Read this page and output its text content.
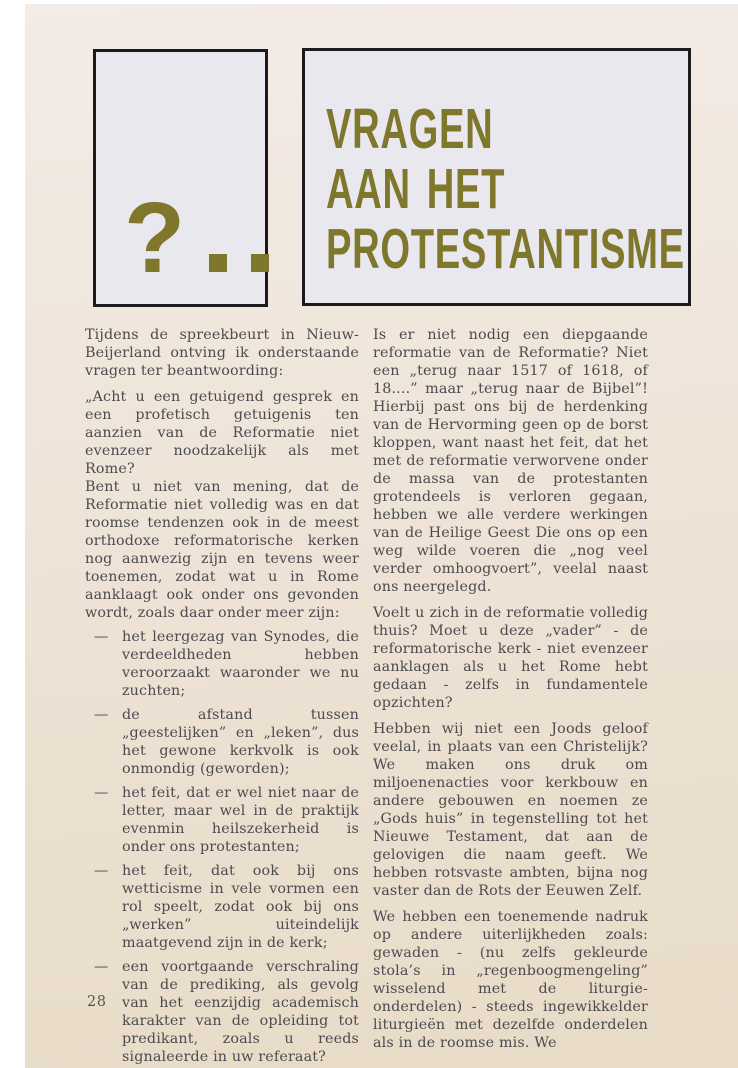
?
VRAGEN
AAN HET
PROTESTANTISME
Tijdens de spreekbeurt in Nieuw-Beijerland ontving ik onderstaande vragen ter beantwoording:
„Acht u een getuigend gesprek en een profetisch getuigenis ten aanzien van de Reformatie niet evenzeer noodzakelijk als met Rome?
Bent u niet van mening, dat de Reformatie niet volledig was en dat roomse tendenzen ook in de meest orthodoxe reformatorische kerken nog aanwezig zijn en tevens weer toenemen, zodat wat u in Rome aanklaagt ook onder ons gevonden wordt, zoals daar onder meer zijn:
— het leergezag van Synodes, die verdeeldheden hebben veroorzaakt waaronder we nu zuchten;
— de afstand tussen „geestelijken” en „leken”, dus het gewone kerkvolk is ook onmondig (geworden);
— het feit, dat er wel niet naar de letter, maar wel in de praktijk evenmin heilszekerheid is onder ons protestanten;
— het feit, dat ook bij ons wetticisme in vele vormen een rol speelt, zodat ook bij ons „werken” uiteindelijk maatgevend zijn in de kerk;
— een voortgaande verschraling van de prediking, als gevolg van het eenzijdig academisch karakter van de opleiding tot predikant, zoals u reeds signaleerde in uw referaat?
Is er niet nodig een diepgaande reformatie van de Reformatie? Niet een „terug naar 1517 of 1618, of 18....” maar „terug naar de Bijbel”! Hierbij past ons bij de herdenking van de Hervorming geen op de borst kloppen, want naast het feit, dat het met de reformatie verworvene onder de massa van de protestanten grotendeels is verloren gegaan, hebben we alle verdere werkingen van de Heilige Geest Die ons op een weg wilde voeren die „nog veel verder omhoogvoert”, veelal naast ons neergelegd.
Voelt u zich in de reformatie volledig thuis? Moet u deze „vader” - de reformatorische kerk - niet evenzeer aanklagen als u het Rome hebt gedaan - zelfs in fundamentele opzichten?
Hebben wij niet een Joods geloof veelal, in plaats van een Christelijk? We maken ons druk om miljoenenacties voor kerkbouw en andere gebouwen en noemen ze „Gods huis” in tegenstelling tot het Nieuwe Testament, dat aan de gelovigen die naam geeft. We hebben rotsvaste ambten, bijna nog vaster dan de Rots der Eeuwen Zelf.
We hebben een toenemende nadruk op andere uiterlijkheden zoals: gewaden - (nu zelfs gekleurde stola’s in „regenboogmengeling” wisselend met de liturgie-onderdelen) - steeds ingewikkelder liturgieën met dezelfde onderdelen als in de roomse mis. We
28
